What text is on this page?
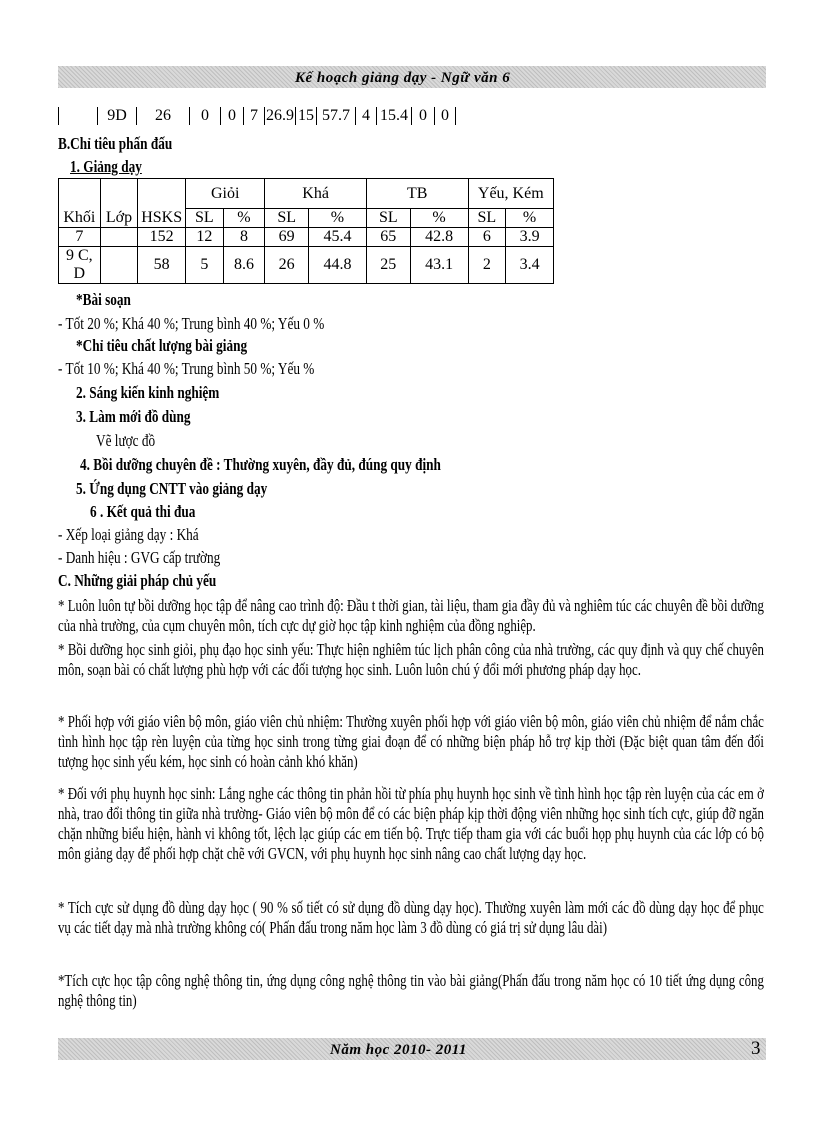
Kế hoạch giảng dạy - Ngữ văn 6
	9D	26	0	0	7	26.9	15	57.7	4	15.4	0	0
B.Chỉ tiêu phấn đấu
1. Giảng dạy
Khối	Lớp	HSKS	Giỏi		Khá		TB		Yếu, Kém	
			SL	%	SL	%	SL	%	SL	%
7		152	12	8	69	45.4	65	42.8	6	3.9
9 C, D		58	5	8.6	26	44.8	25	43.1	2	3.4
*Bài soạn
- Tốt 20 %; Khá 40 %; Trung bình 40 %; Yếu 0 %
*Chỉ tiêu chất lượng bài giảng
- Tốt 10 %; Khá 40 %; Trung bình 50 %; Yếu %
2. Sáng kiến kinh nghiệm
3. Làm mới đồ dùng
Vẽ lược đồ
4. Bồi dưỡng chuyên đề : Thường xuyên, đầy đủ, đúng quy định
5. Ứng dụng CNTT vào giảng dạy
6 . Kết quả thi đua
- Xếp loại giảng dạy : Khá
- Danh hiệu : GVG cấp trường
C. Những giải pháp chủ yếu
* Luôn luôn tự bồi dưỡng học tập để nâng cao trình độ: Đầu t thời gian, tài liệu, tham gia đầy đủ và nghiêm túc các chuyên đề bồi dưỡng của nhà trường, của cụm chuyên môn, tích cực dự giờ học tập kinh nghiệm của đồng nghiệp.
* Bồi dưỡng học sinh giỏi, phụ đạo học sinh yếu: Thực hiện nghiêm túc lịch phân công của nhà trường, các quy định và quy chế chuyên môn, soạn bài có chất lượng phù hợp với các đối tượng học sinh. Luôn luôn chú ý đổi mới phương pháp dạy học.
* Phối hợp với giáo viên bộ môn, giáo viên chủ nhiệm: Thường xuyên phối hợp với giáo viên bộ môn, giáo viên chủ nhiệm để nắm chắc tình hình học tập rèn luyện của từng học sinh trong từng giai đoạn để có những biện pháp hỗ trợ kịp thời (Đặc biệt quan tâm đến đối tượng học sinh yếu kém, học sinh có hoàn cảnh khó khăn)
* Đối với phụ huynh học sinh: Lắng nghe các thông tin phản hồi từ phía phụ huynh học sinh về tình hình học tập rèn luyện của các em ở nhà, trao đổi thông tin giữa nhà trường- Giáo viên bộ môn để có các biện pháp kịp thời động viên những học sinh tích cực, giúp đỡ ngăn chặn những biểu hiện, hành vi không tốt, lệch lạc giúp các em tiến bộ. Trực tiếp tham gia với các buổi họp phụ huynh của các lớp có bộ môn giảng dạy để phối hợp chặt chẽ với GVCN, với phụ huynh học sinh nâng cao chất lượng dạy học.
* Tích cực sử dụng đồ dùng dạy học ( 90 % số tiết có sử dụng đồ dùng dạy học). Thường xuyên làm mới các đồ dùng dạy học để phục vụ các tiết dạy mà nhà trường không có( Phấn đấu trong năm học làm 3 đồ dùng có giá trị sử dụng lâu dài)
*Tích cực học tập công nghệ thông tin, ứng dụng công nghệ thông tin vào bài giảng(Phấn đấu trong năm học có 10 tiết ứng dụng công nghệ thông tin)
Năm học 2010- 2011	3
